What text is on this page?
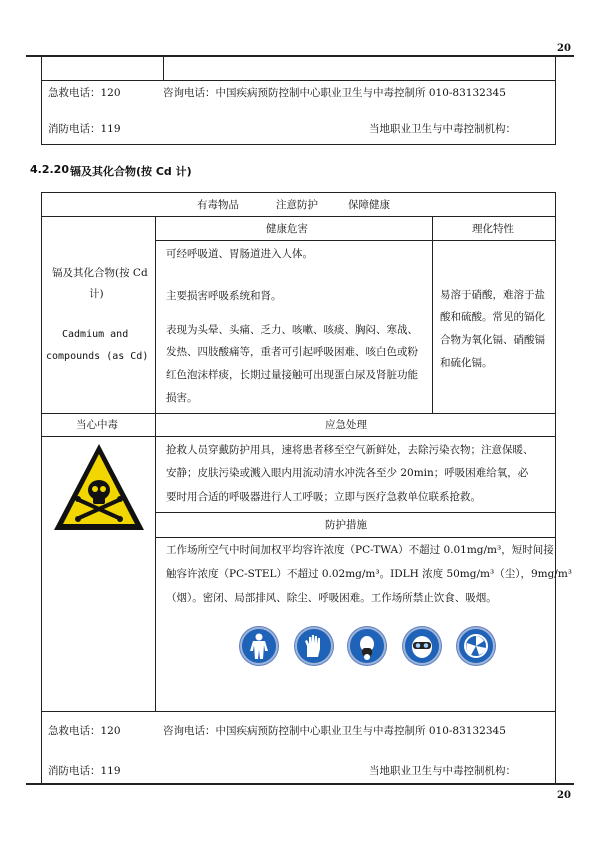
20
急救电话：120	咨询电话：中国疾病预防控制中心职业卫生与中毒控制所 010-83132345
消防电话：119	当地职业卫生与中毒控制机构：
4.2.20 镉及其化合物(按 Cd 计)
有毒物品	注意防护	保障健康
镉及其化合物(按 Cd
计)
Cadmium and
compounds (as Cd)
健康危害	理化特性
可经呼吸道、胃肠道进入人体。
主要损害呼吸系统和肾。
表现为头晕、头痛、乏力、咳嗽、咳痰、胸闷、寒战、
发热、四肢酸痛等，重者可引起呼吸困难、咳白色或粉
红色泡沫样痰，长期过量接触可出现蛋白尿及肾脏功能
损害。
易溶于硝酸，难溶于盐
酸和硫酸。常见的镉化
合物为氧化镉、硝酸镉
和硫化镉。
当心中毒	应急处理
抢救人员穿戴防护用具，速将患者移至空气新鲜处，去除污染衣物；注意保暖、
安静；皮肤污染或溅入眼内用流动清水冲洗各至少 20min；呼吸困难给氧，必
要时用合适的呼吸器进行人工呼吸；立即与医疗急救单位联系抢救。
防护措施
工作场所空气中时间加权平均容许浓度（PC-TWA）不超过 0.01mg/m³，短时间接
触容许浓度（PC-STEL）不超过 0.02mg/m³。IDLH 浓度 50mg/m³（尘），9mg/m³
（烟）。密闭、局部排风、除尘、呼吸困难。工作场所禁止饮食、吸烟。
急救电话：120	咨询电话：中国疾病预防控制中心职业卫生与中毒控制所 010-83132345
消防电话：119	当地职业卫生与中毒控制机构：
20
